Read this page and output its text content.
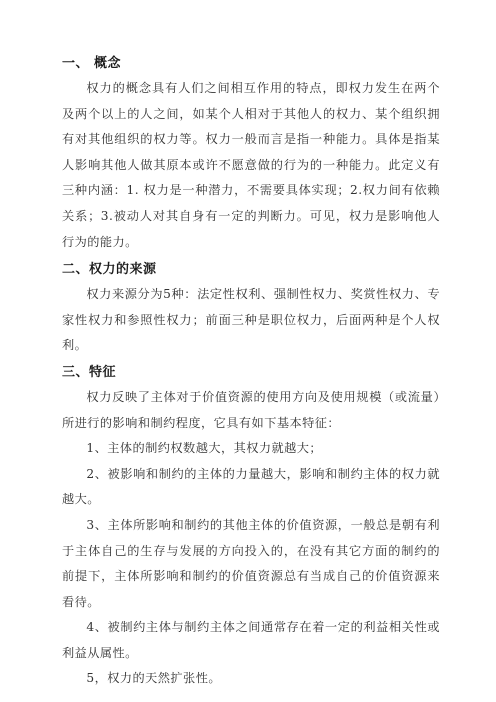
一、 概念

权力的概念具有人们之间相互作用的特点，即权力发生在两个及两个以上的人之间，如某个人相对于其他人的权力、某个组织拥有对其他组织的权力等。权力一般而言是指一种能力。具体是指某人影响其他人做其原本或许不愿意做的行为的一种能力。此定义有三种内涵：1. 权力是一种潜力，不需要具体实现；2.权力间有依赖关系；3.被动人对其自身有一定的判断力。可见，权力是影响他人行为的能力。

二、权力的来源

权力来源分为5种：法定性权利、强制性权力、奖赏性权力、专家性权力和参照性权力；前面三种是职位权力，后面两种是个人权利。

三、特征

权力反映了主体对于价值资源的使用方向及使用规模（或流量）所进行的影响和制约程度，它具有如下基本特征：

1、主体的制约权数越大，其权力就越大；

2、被影响和制约的主体的力量越大，影响和制约主体的权力就越大。

3、主体所影响和制约的其他主体的价值资源，一般总是朝有利于主体自己的生存与发展的方向投入的，在没有其它方面的制约的前提下，主体所影响和制约的价值资源总有当成自己的价值资源来看待。

4、被制约主体与制约主体之间通常存在着一定的利益相关性或利益从属性。

5，权力的天然扩张性。
